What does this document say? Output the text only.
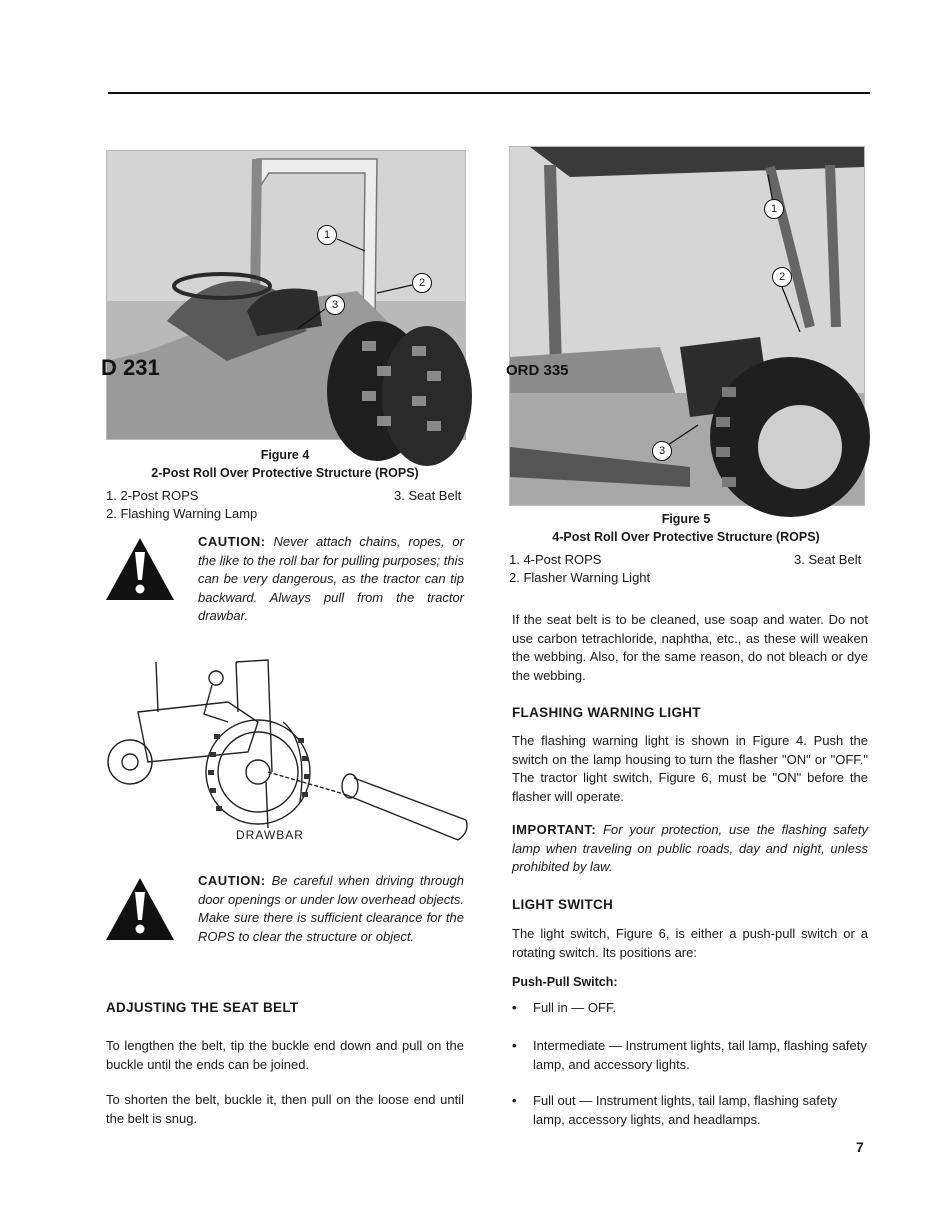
D 231
1
2
3
Figure 4
2-Post Roll Over Protective Structure (ROPS)
1. 2-Post ROPS	3. Seat Belt
2. Flashing Warning Lamp
CAUTION: Never attach chains, ropes, or the like to the roll bar for pulling purposes; this can be very dangerous, as the tractor can tip backward. Always pull from the tractor drawbar.
DRAWBAR
CAUTION: Be careful when driving through door openings or under low overhead objects. Make sure there is sufficient clearance for the ROPS to clear the structure or object.
ADJUSTING THE SEAT BELT
To lengthen the belt, tip the buckle end down and pull on the buckle until the ends can be joined.
To shorten the belt, buckle it, then pull on the loose end until the belt is snug.
ORD 335
1
2
3
Figure 5
4-Post Roll Over Protective Structure (ROPS)
1. 4-Post ROPS	3. Seat Belt
2. Flasher Warning Light
If the seat belt is to be cleaned, use soap and water. Do not use carbon tetrachloride, naphtha, etc., as these will weaken the webbing. Also, for the same reason, do not bleach or dye the webbing.
FLASHING WARNING LIGHT
The flashing warning light is shown in Figure 4. Push the switch on the lamp housing to turn the flasher "ON" or "OFF." The tractor light switch, Figure 6, must be "ON" before the flasher will operate.
IMPORTANT: For your protection, use the flashing safety lamp when traveling on public roads, day and night, unless prohibited by law.
LIGHT SWITCH
The light switch, Figure 6, is either a push-pull switch or a rotating switch. Its positions are:
Push-Pull Switch:
• Full in — OFF.
• Intermediate — Instrument lights, tail lamp, flashing safety lamp, and accessory lights.
• Full out — Instrument lights, tail lamp, flashing safety lamp, accessory lights, and headlamps.
7
